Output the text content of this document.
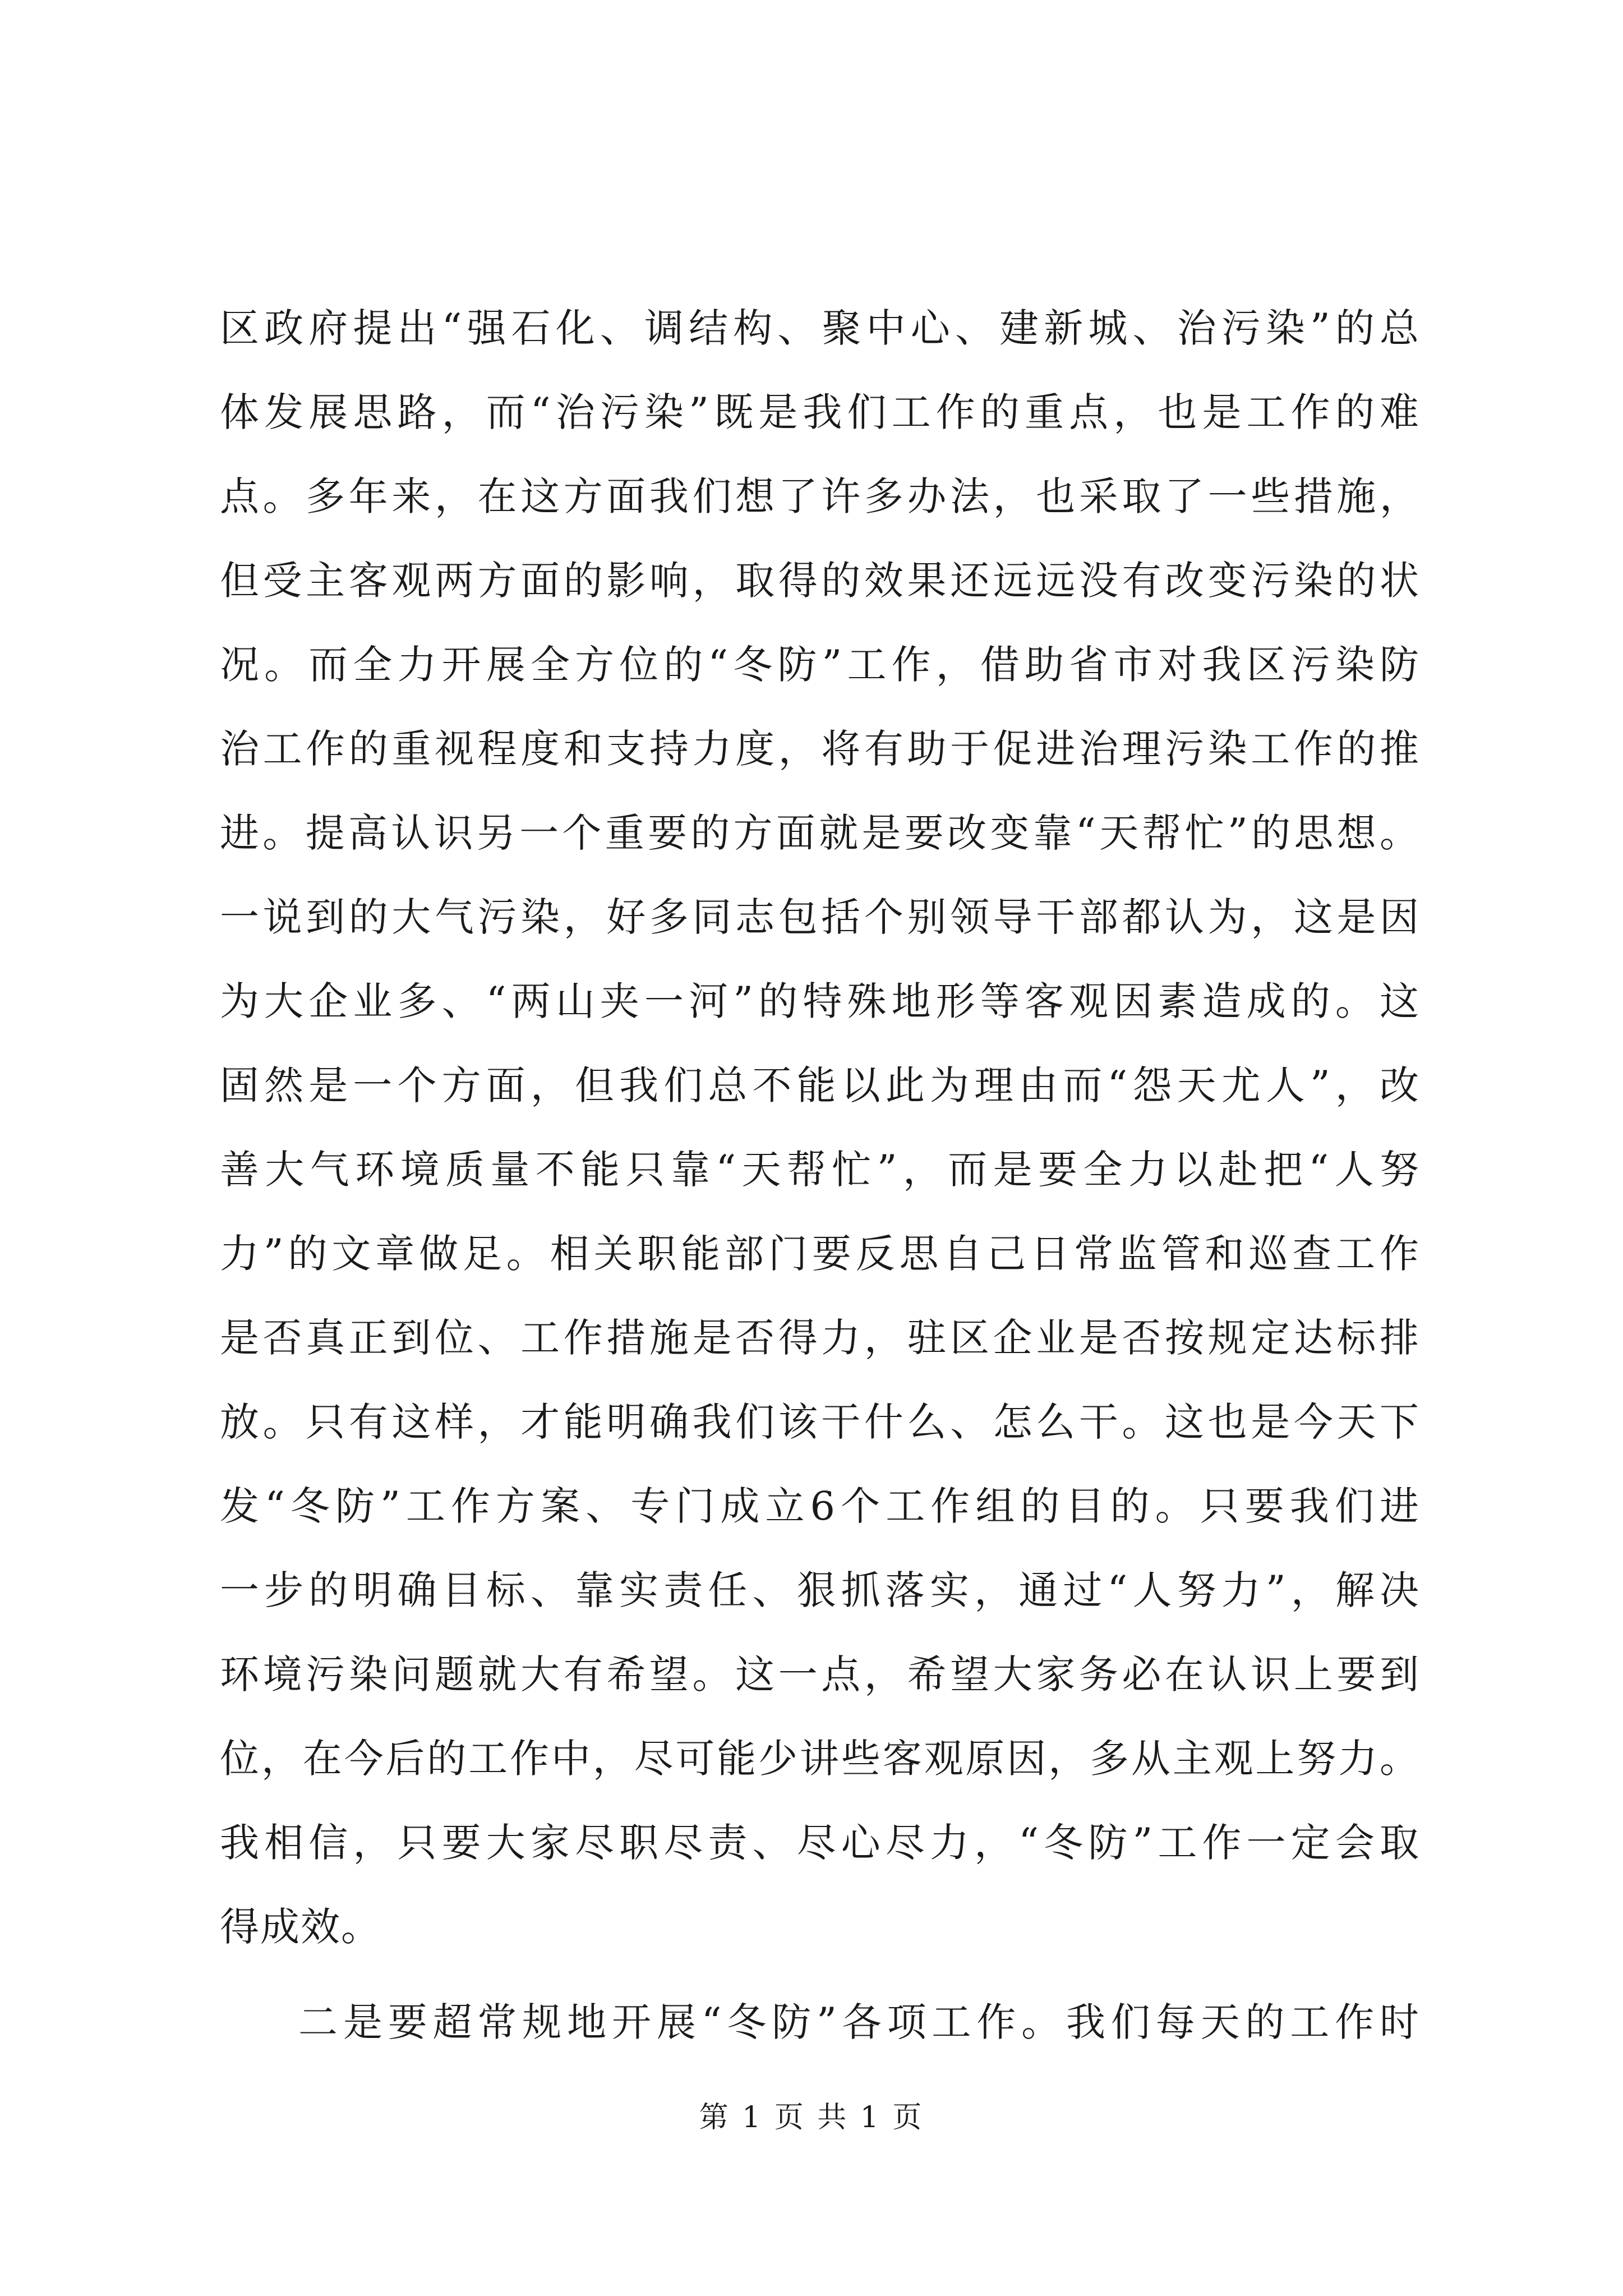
区政府提出“强石化、调结构、聚中心、建新城、治污染”的总
体发展思路，而“治污染”既是我们工作的重点，也是工作的难
点。多年来，在这方面我们想了许多办法，也采取了一些措施，
但受主客观两方面的影响，取得的效果还远远没有改变污染的状
况。而全力开展全方位的“冬防”工作，借助省市对我区污染防
治工作的重视程度和支持力度，将有助于促进治理污染工作的推
进。提高认识另一个重要的方面就是要改变靠“天帮忙”的思想。
一说到的大气污染，好多同志包括个别领导干部都认为，这是因
为大企业多、“两山夹一河”的特殊地形等客观因素造成的。这
固然是一个方面，但我们总不能以此为理由而“怨天尤人”，改
善大气环境质量不能只靠“天帮忙”，而是要全力以赴把“人努
力”的文章做足。相关职能部门要反思自己日常监管和巡查工作
是否真正到位、工作措施是否得力，驻区企业是否按规定达标排
放。只有这样，才能明确我们该干什么、怎么干。这也是今天下
发“冬防”工作方案、专门成立6个工作组的目的。只要我们进
一步的明确目标、靠实责任、狠抓落实，通过“人努力”，解决
环境污染问题就大有希望。这一点，希望大家务必在认识上要到
位，在今后的工作中，尽可能少讲些客观原因，多从主观上努力。
我相信，只要大家尽职尽责、尽心尽力，“冬防”工作一定会取
得成效。
二是要超常规地开展“冬防”各项工作。我们每天的工作时
第 1 页 共 1 页
